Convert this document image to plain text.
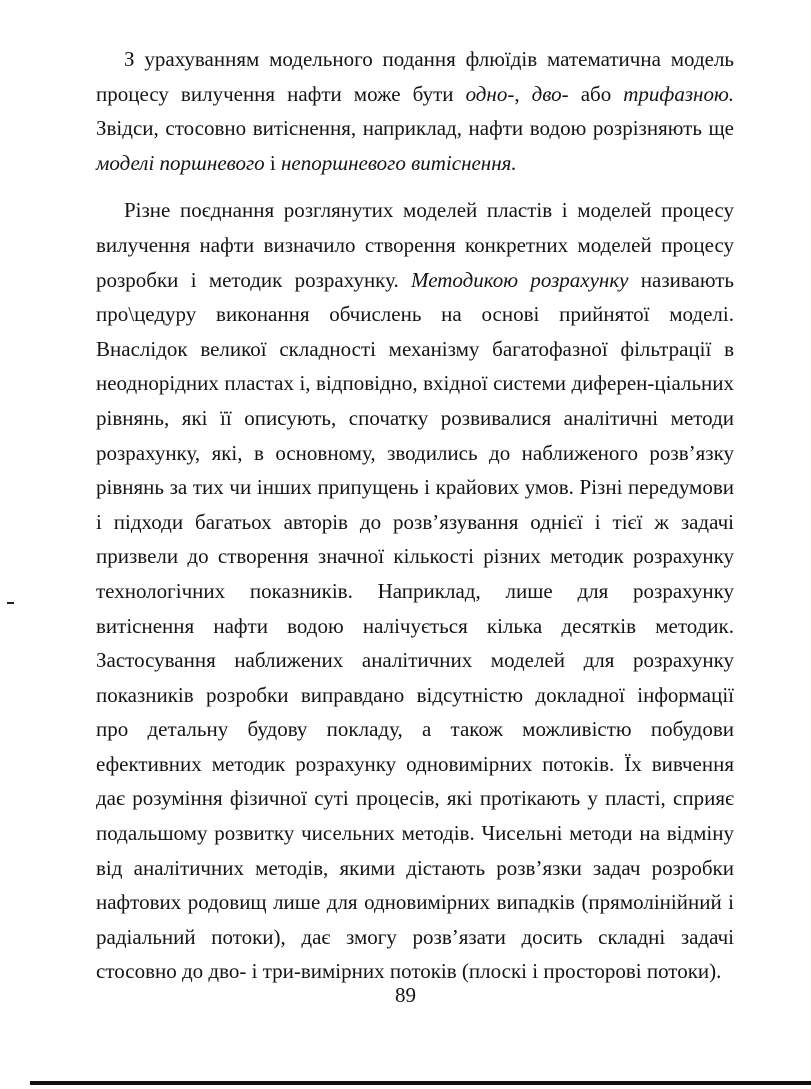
З урахуванням модельного подання флюїдів математична модель процесу вилучення нафти може бути одно-, дво- або трифазною. Звідси, стосовно витіснення, наприклад, нафти водою розрізняють ще моделі поршневого і непоршневого витіснення.

Різне поєднання розглянутих моделей пластів і моделей процесу вилучення нафти визначило створення конкретних моделей процесу розробки і методик розрахунку. Методикою розрахунку називають про\цедуру виконання обчислень на основі прийнятої моделі. Внаслідок великої складності механізму багатофазної фільтрації в неоднорідних пластах і, відповідно, вхідної системи диферен-ціальних рівнянь, які її описують, спочатку розвивалися аналітичні методи розрахунку, які, в основному, зводились до наближеного розв’язку рівнянь за тих чи інших припущень і крайових умов. Різні передумови і підходи багатьох авторів до розв’язування однієї і тієї ж задачі призвели до створення значної кількості різних методик розрахунку технологічних показників. Наприклад, лише для розрахунку витіснення нафти водою налічується кілька десятків методик. Застосування наближених аналітичних моделей для розрахунку показників розробки виправдано відсутністю докладної інформації про детальну будову покладу, а також можливістю побудови ефективних методик розрахунку одновимірних потоків. Їх вивчення дає розуміння фізичної суті процесів, які протікають у пласті, сприяє подальшому розвитку чисельних методів. Чисельні методи на відміну від аналітичних методів, якими дістають розв’язки задач розробки нафтових родовищ лише для одновимірних випадків (прямолінійний і радіальний потоки), дає змогу розв’язати досить складні задачі стосовно до дво- і три-вимірних потоків (плоскі і просторові потоки).

89
